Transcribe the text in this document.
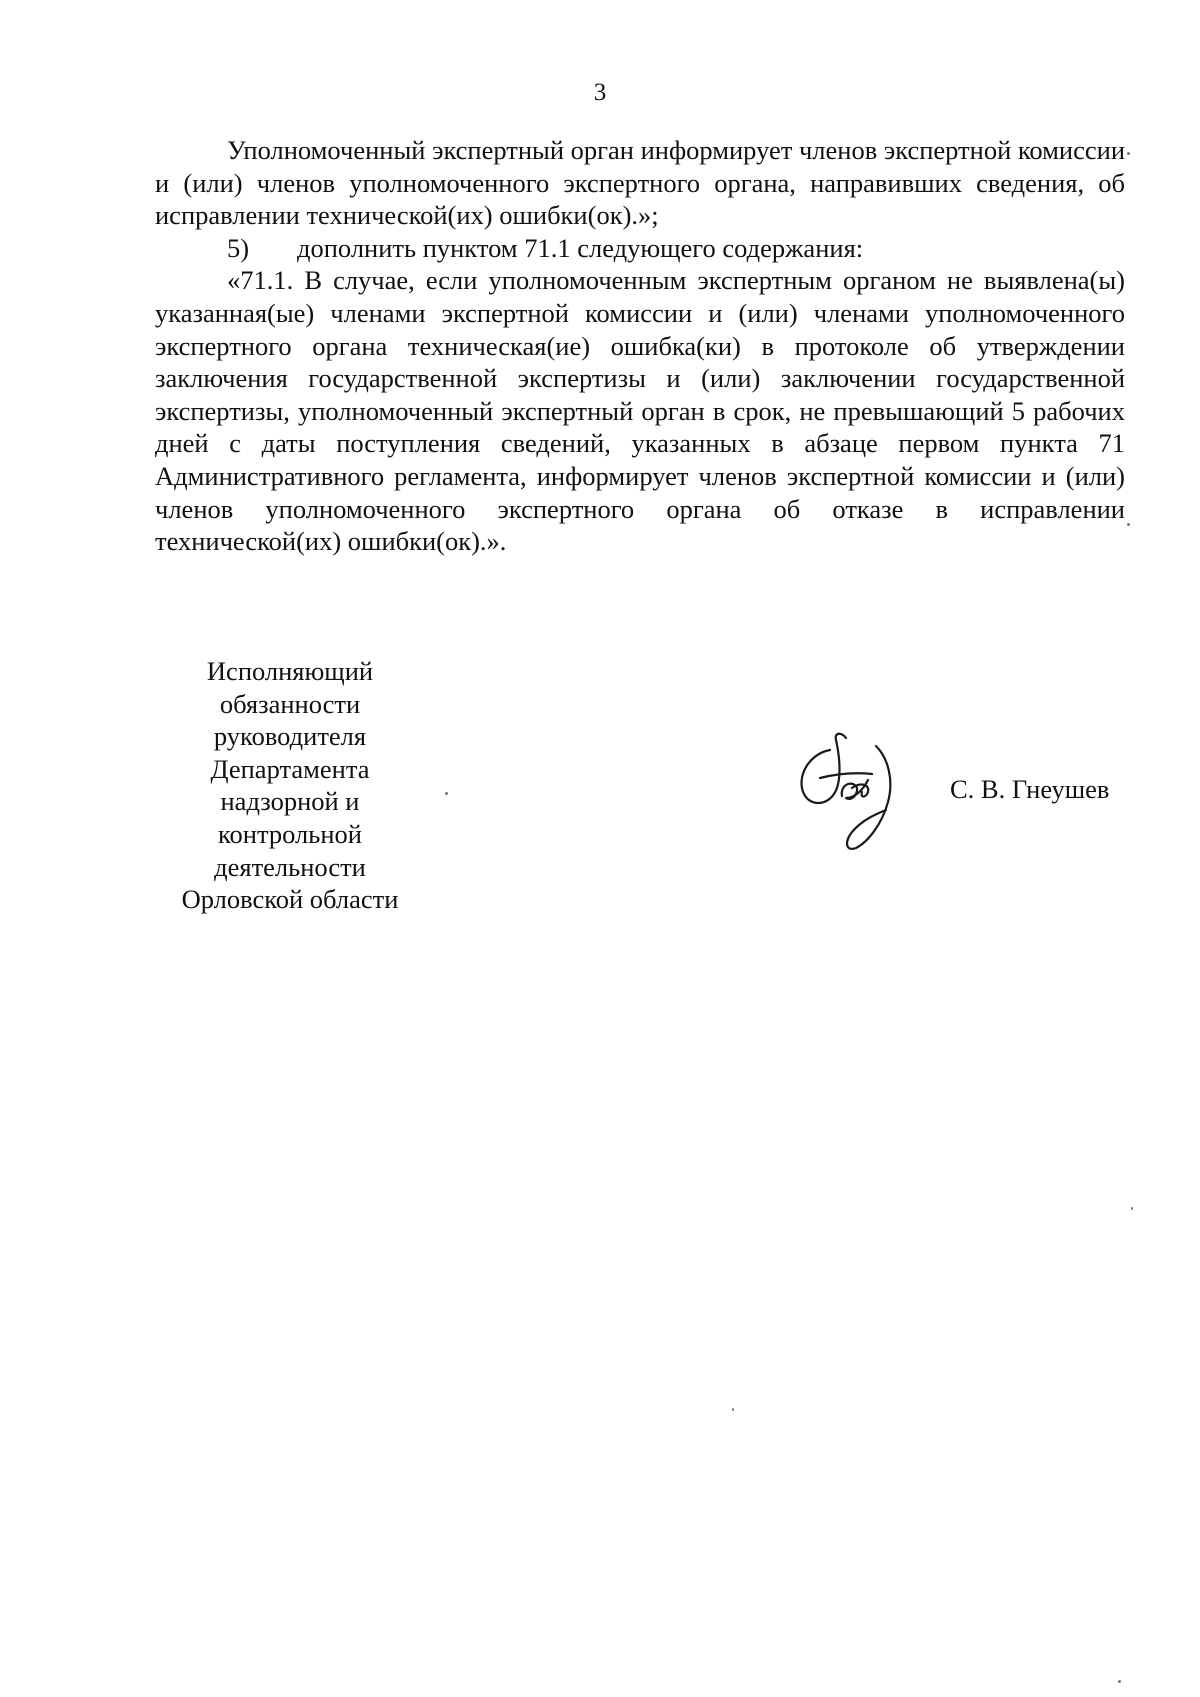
3

Уполномоченный экспертный орган информирует членов экспертной комиссии и (или) членов уполномоченного экспертного органа, направивших сведения, об исправлении технической(их) ошибки(ок).»;

5) дополнить пунктом 71.1 следующего содержания:

«71.1. В случае, если уполномоченным экспертным органом не выявлена(ы) указанная(ые) членами экспертной комиссии и (или) членами уполномоченного экспертного органа техническая(ие) ошибка(ки) в протоколе об утверждении заключения государственной экспертизы и (или) заключении государственной экспертизы, уполномоченный экспертный орган в срок, не превышающий 5 рабочих дней с даты поступления сведений, указанных в абзаце первом пункта 71 Административного регламента, информирует членов экспертной комиссии и (или) членов уполномоченного экспертного органа об отказе в исправлении технической(их) ошибки(ок).».

Исполняющий
обязанности
руководителя
Департамента
надзорной и
контрольной
деятельности
Орловской области
С. В. Гнеушев
